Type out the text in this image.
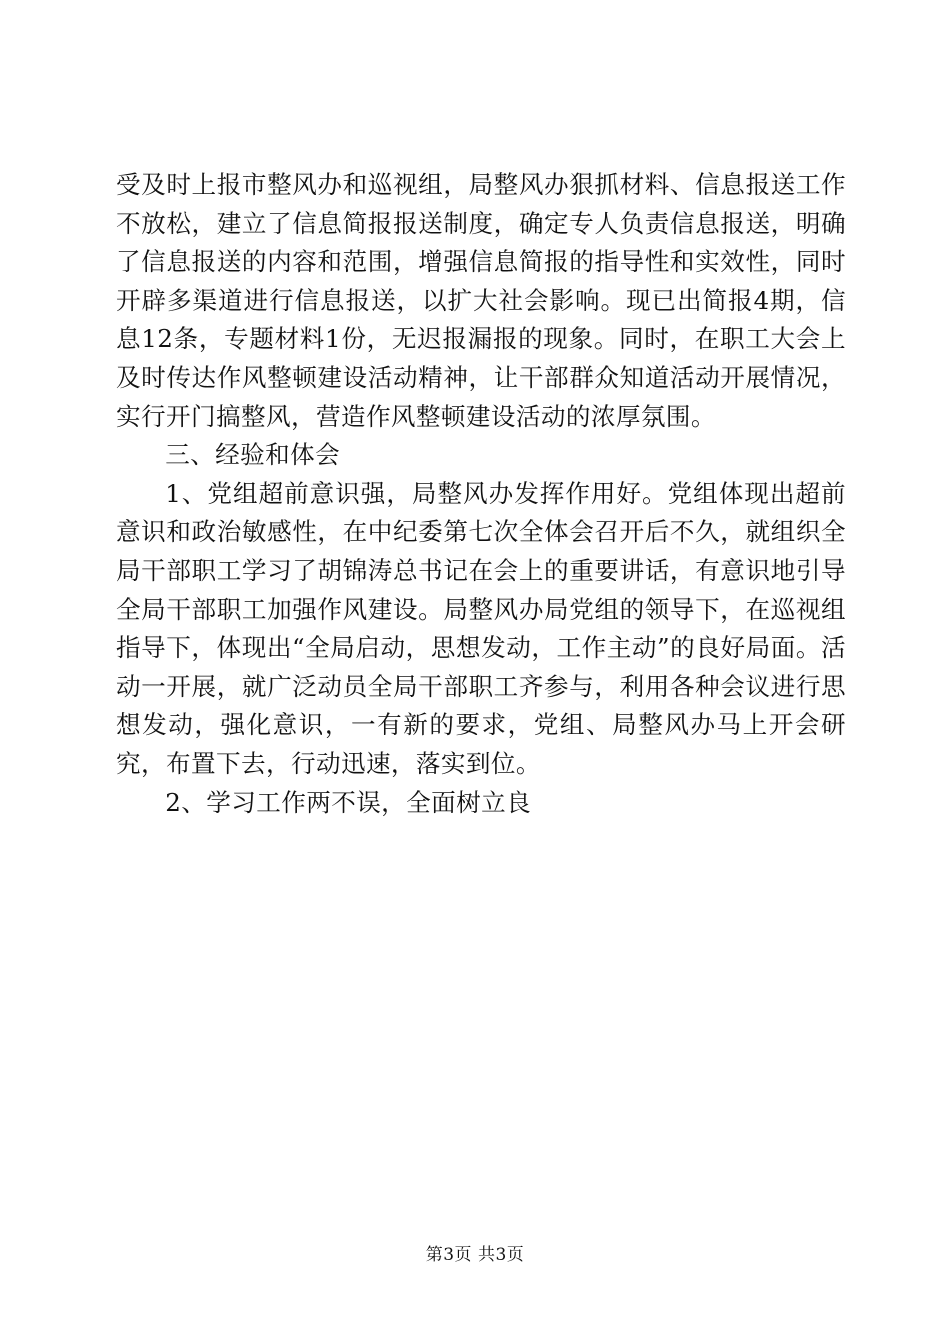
受及时上报市整风办和巡视组，局整风办狠抓材料、信息报送工作不放松，建立了信息简报报送制度，确定专人负责信息报送，明确了信息报送的内容和范围，增强信息简报的指导性和实效性，同时开辟多渠道进行信息报送，以扩大社会影响。现已出简报4期，信息12条，专题材料1份，无迟报漏报的现象。同时，在职工大会上及时传达作风整顿建设活动精神，让干部群众知道活动开展情况，实行开门搞整风，营造作风整顿建设活动的浓厚氛围。

三、经验和体会

1、党组超前意识强，局整风办发挥作用好。党组体现出超前意识和政治敏感性，在中纪委第七次全体会召开后不久，就组织全局干部职工学习了胡锦涛总书记在会上的重要讲话，有意识地引导全局干部职工加强作风建设。局整风办局党组的领导下，在巡视组指导下，体现出“全局启动，思想发动，工作主动”的良好局面。活动一开展，就广泛动员全局干部职工齐参与，利用各种会议进行思想发动，强化意识，一有新的要求，党组、局整风办马上开会研究，布置下去，行动迅速，落实到位。

2、学习工作两不误，全面树立良

第3页 共3页
